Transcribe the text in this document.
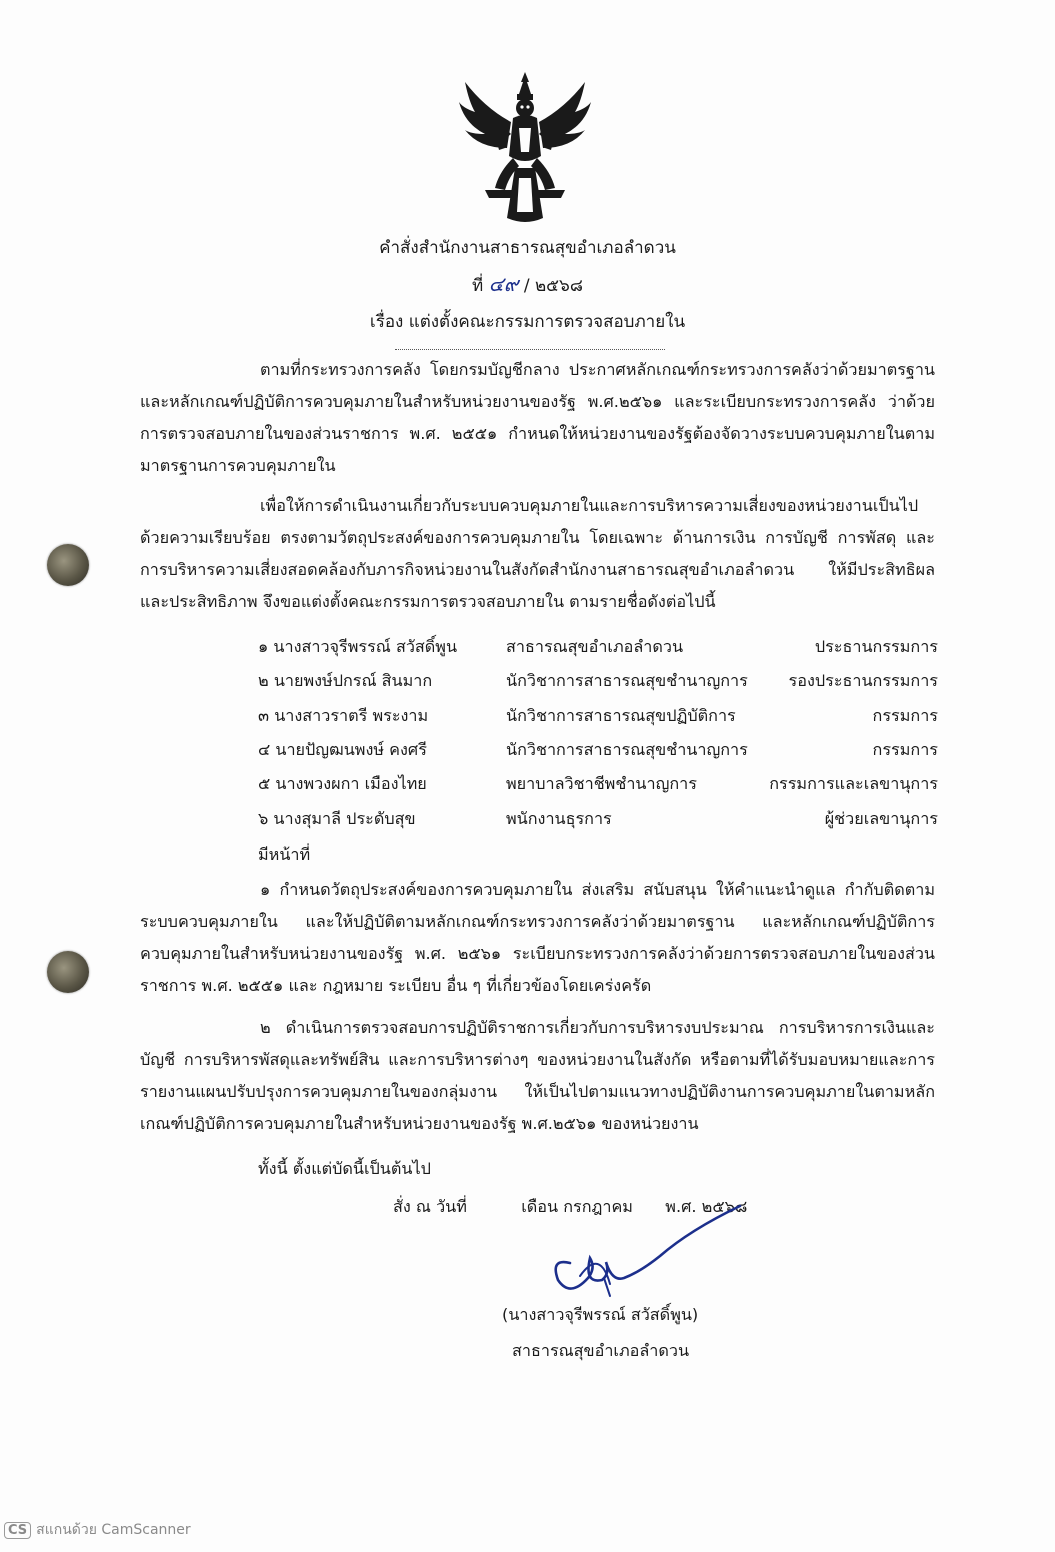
คำสั่งสำนักงานสาธารณสุขอำเภอลำดวน
ที่ ๔๙ / ๒๕๖๘
เรื่อง แต่งตั้งคณะกรรมการตรวจสอบภายใน
ตามที่กระทรวงการคลัง โดยกรมบัญชีกลาง ประกาศหลักเกณฑ์กระทรวงการคลังว่าด้วยมาตรฐานและหลักเกณฑ์ปฏิบัติการควบคุมภายในสำหรับหน่วยงานของรัฐ พ.ศ.๒๕๖๑ และระเบียบกระทรวงการคลัง ว่าด้วยการตรวจสอบภายในของส่วนราชการ พ.ศ. ๒๕๕๑ กำหนดให้หน่วยงานของรัฐต้องจัดวางระบบควบคุมภายในตามมาตรฐานการควบคุมภายใน
เพื่อให้การดำเนินงานเกี่ยวกับระบบควบคุมภายในและการบริหารความเสี่ยงของหน่วยงานเป็นไปด้วยความเรียบร้อย ตรงตามวัตถุประสงค์ของการควบคุมภายใน โดยเฉพาะ ด้านการเงิน การบัญชี การพัสดุ และการบริหารความเสี่ยงสอดคล้องกับภารกิจหน่วยงานในสังกัดสำนักงานสาธารณสุขอำเภอลำดวน ให้มีประสิทธิผลและประสิทธิภาพ จึงขอแต่งตั้งคณะกรรมการตรวจสอบภายใน ตามรายชื่อดังต่อไปนี้
๑ นางสาวจุรีพรรณ์ สวัสดิ์พูน	สาธารณสุขอำเภอลำดวน	ประธานกรรมการ
๒ นายพงษ์ปกรณ์ สินมาก	นักวิชาการสาธารณสุขชำนาญการ	รองประธานกรรมการ
๓ นางสาวราตรี พระงาม	นักวิชาการสาธารณสุขปฏิบัติการ	กรรมการ
๔ นายปัญฒนพงษ์ คงศรี	นักวิชาการสาธารณสุขชำนาญการ	กรรมการ
๕ นางพวงผกา เมืองไทย	พยาบาลวิชาชีพชำนาญการ	กรรมการและเลขานุการ
๖ นางสุมาลี ประดับสุข	พนักงานธุรการ	ผู้ช่วยเลขานุการ
มีหน้าที่
๑ กำหนดวัตถุประสงค์ของการควบคุมภายใน ส่งเสริม สนับสนุน ให้คำแนะนำดูแล กำกับติดตามระบบควบคุมภายใน และให้ปฏิบัติตามหลักเกณฑ์กระทรวงการคลังว่าด้วยมาตรฐาน และหลักเกณฑ์ปฏิบัติการควบคุมภายในสำหรับหน่วยงานของรัฐ พ.ศ. ๒๕๖๑ ระเบียบกระทรวงการคลังว่าด้วยการตรวจสอบภายในของส่วนราชการ พ.ศ. ๒๕๕๑ และ กฎหมาย ระเบียบ อื่น ๆ ที่เกี่ยวข้องโดยเคร่งครัด
๒ ดำเนินการตรวจสอบการปฏิบัติราชการเกี่ยวกับการบริหารงบประมาณ การบริหารการเงินและบัญชี การบริหารพัสดุและทรัพย์สิน และการบริหารต่างๆ ของหน่วยงานในสังกัด หรือตามที่ได้รับมอบหมายและการรายงานแผนปรับปรุงการควบคุมภายในของกลุ่มงาน ให้เป็นไปตามแนวทางปฏิบัติงานการควบคุมภายในตามหลักเกณฑ์ปฏิบัติการควบคุมภายในสำหรับหน่วยงานของรัฐ พ.ศ.๒๕๖๑ ของหน่วยงาน
ทั้งนี้ ตั้งแต่บัดนี้เป็นต้นไป
สั่ง ณ วันที่	เดือน กรกฎาคม พ.ศ. ๒๕๖๘
(นางสาวจุรีพรรณ์ สวัสดิ์พูน)
สาธารณสุขอำเภอลำดวน
CS สแกนด้วย CamScanner
